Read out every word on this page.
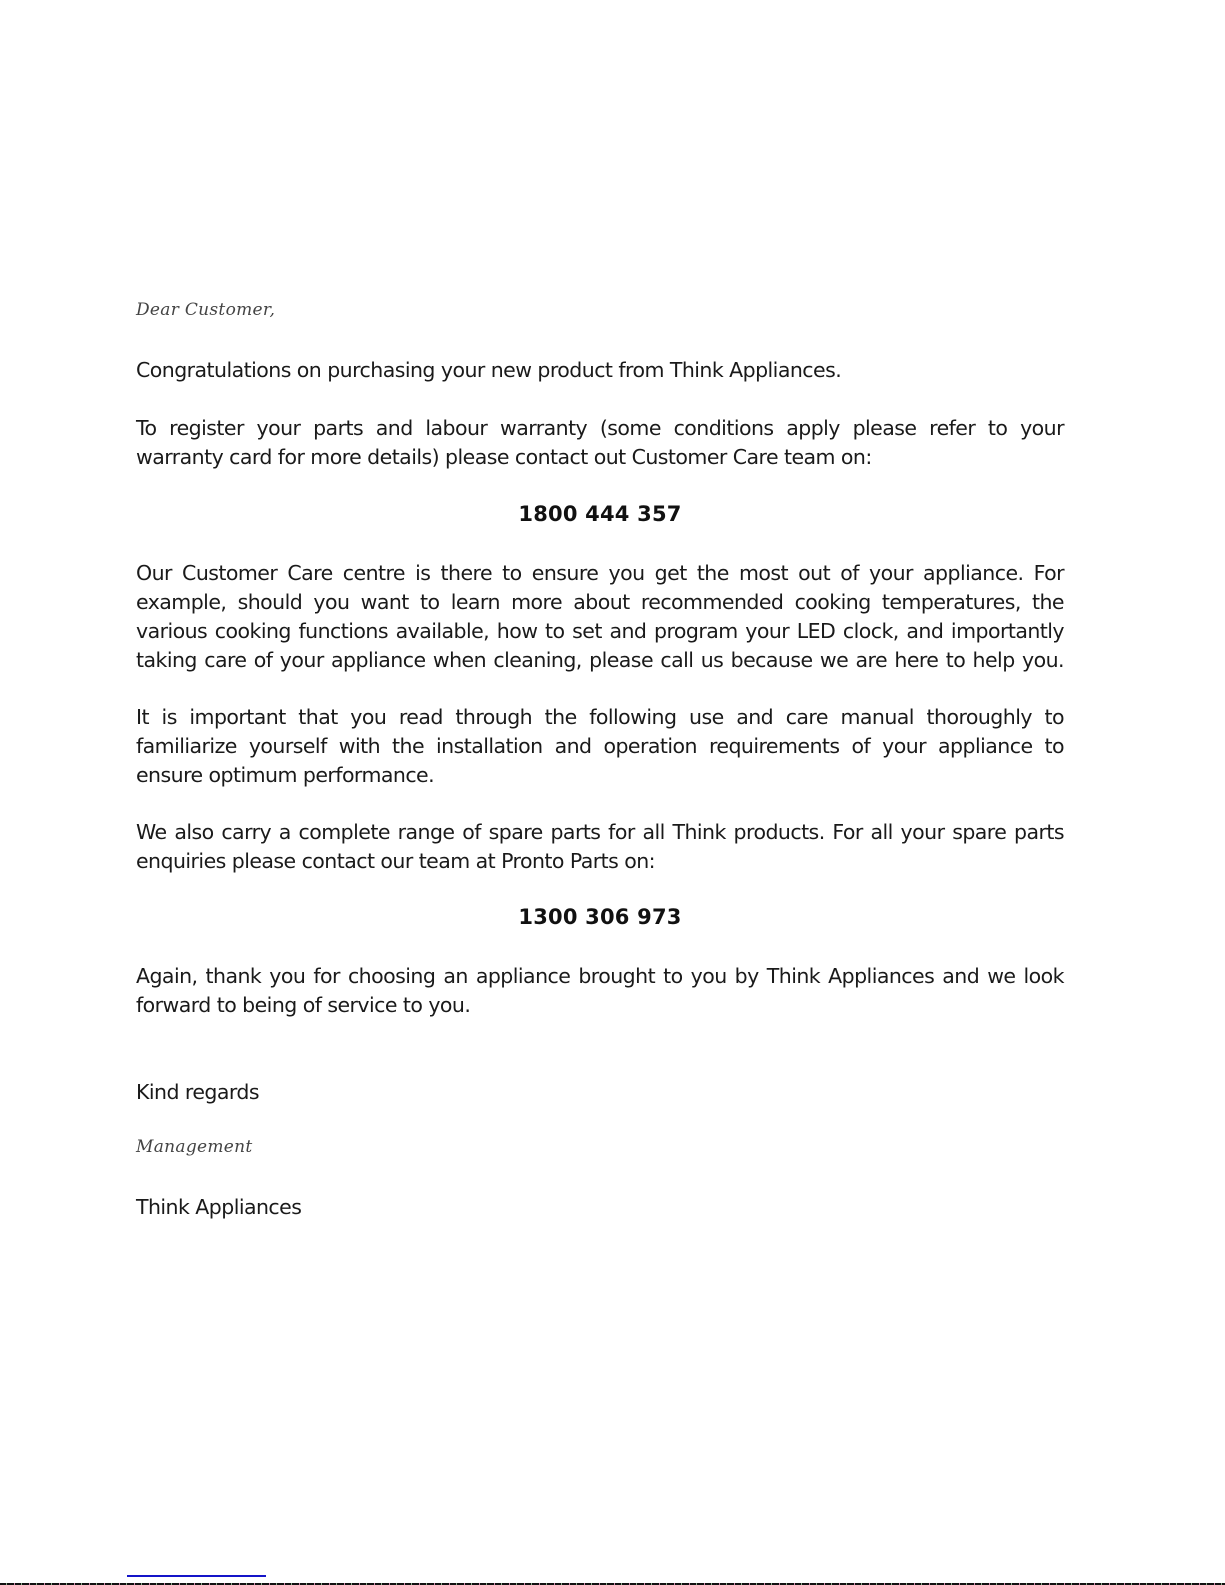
Dear Customer,
Congratulations on purchasing your new product from Think Appliances.
To register your parts and labour warranty (some conditions apply please refer to your
warranty card for more details) please contact out Customer Care team on:
1800 444 357
Our Customer Care centre is there to ensure you get the most out of your appliance. For
example, should you want to learn more about recommended cooking temperatures, the
various cooking functions available, how to set and program your LED clock, and importantly
taking care of your appliance when cleaning, please call us because we are here to help you.
It is important that you read through the following use and care manual thoroughly to
familiarize yourself with the installation and operation requirements of your appliance to
ensure optimum performance.
We also carry a complete range of spare parts for all Think products. For all your spare parts
enquiries please contact our team at Pronto Parts on:
1300 306 973
Again, thank you for choosing an appliance brought to you by Think Appliances and we look
forward to being of service to you.
Kind regards
Management
Think Appliances
